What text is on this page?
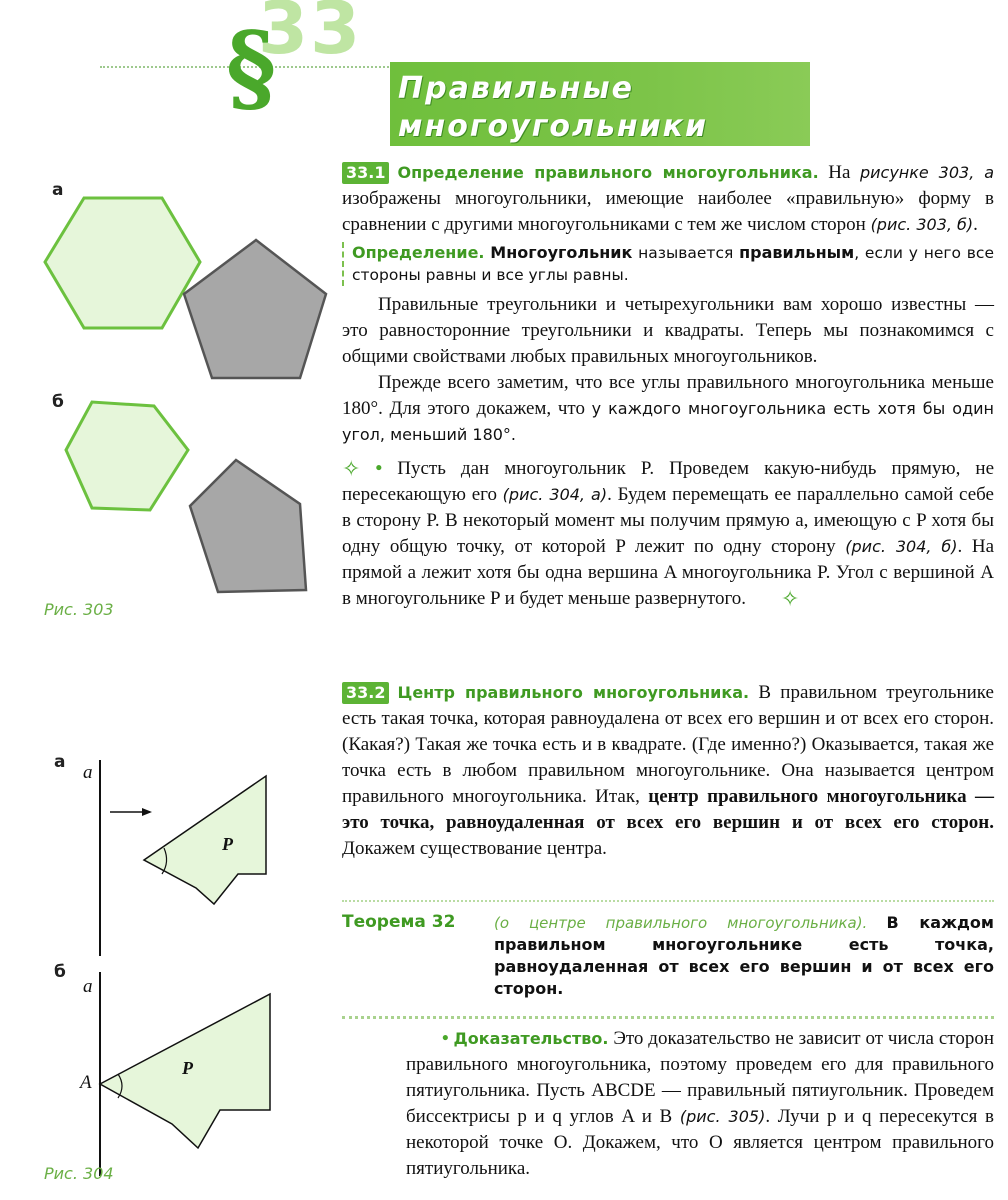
33
§	Правильные
многоугольники
а
б
Рис. 303
а
б
a
P
a
P
A
Рис. 304

33.1 Определение правильного многоугольника. На рисунке 303, а изображены многоугольники, имеющие наиболее «правильную» форму в сравнении с другими многоугольниками с тем же числом сторон (рис. 303, б).

Определение. Многоугольник называется правильным, если у него все стороны равны и все углы равны.

Правильные треугольники и четырехугольники вам хорошо известны — это равносторонние треугольники и квадраты. Теперь мы познакомимся с общими свойствами любых правильных многоугольников.

Прежде всего заметим, что все углы правильного многоугольника меньше 180°. Для этого докажем, что у каждого многоугольника есть хотя бы один угол, меньший 180°.

✧ • Пусть дан многоугольник P. Проведем какую-нибудь прямую, не пересекающую его (рис. 304, а). Будем перемещать ее параллельно самой себе в сторону P. В некоторый момент мы получим прямую a, имеющую с P хотя бы одну общую точку, от которой P лежит по одну сторону (рис. 304, б). На прямой a лежит хотя бы одна вершина A многоугольника P. Угол с вершиной A в многоугольнике P и будет меньше развернутого. ✧

33.2 Центр правильного многоугольника. В правильном треугольнике есть такая точка, которая равноудалена от всех его вершин и от всех его сторон. (Какая?) Такая же точка есть и в квадрате. (Где именно?) Оказывается, такая же точка есть в любом правильном многоугольнике. Она называется центром правильного многоугольника. Итак, центр правильного многоугольника — это точка, равноудаленная от всех его вершин и от всех его сторон. Докажем существование центра.

Теорема 32	(о центре правильного многоугольника). В каждом правильном многоугольнике есть точка, равноудаленная от всех его вершин и от всех его сторон.

• Доказательство. Это доказательство не зависит от числа сторон правильного многоугольника, поэтому проведем его для правильного пятиугольника. Пусть ABCDE — правильный пятиугольник. Проведем биссектрисы p и q углов A и B (рис. 305). Лучи p и q пересекутся в некоторой точке O. Докажем, что O является центром правильного пятиугольника.
